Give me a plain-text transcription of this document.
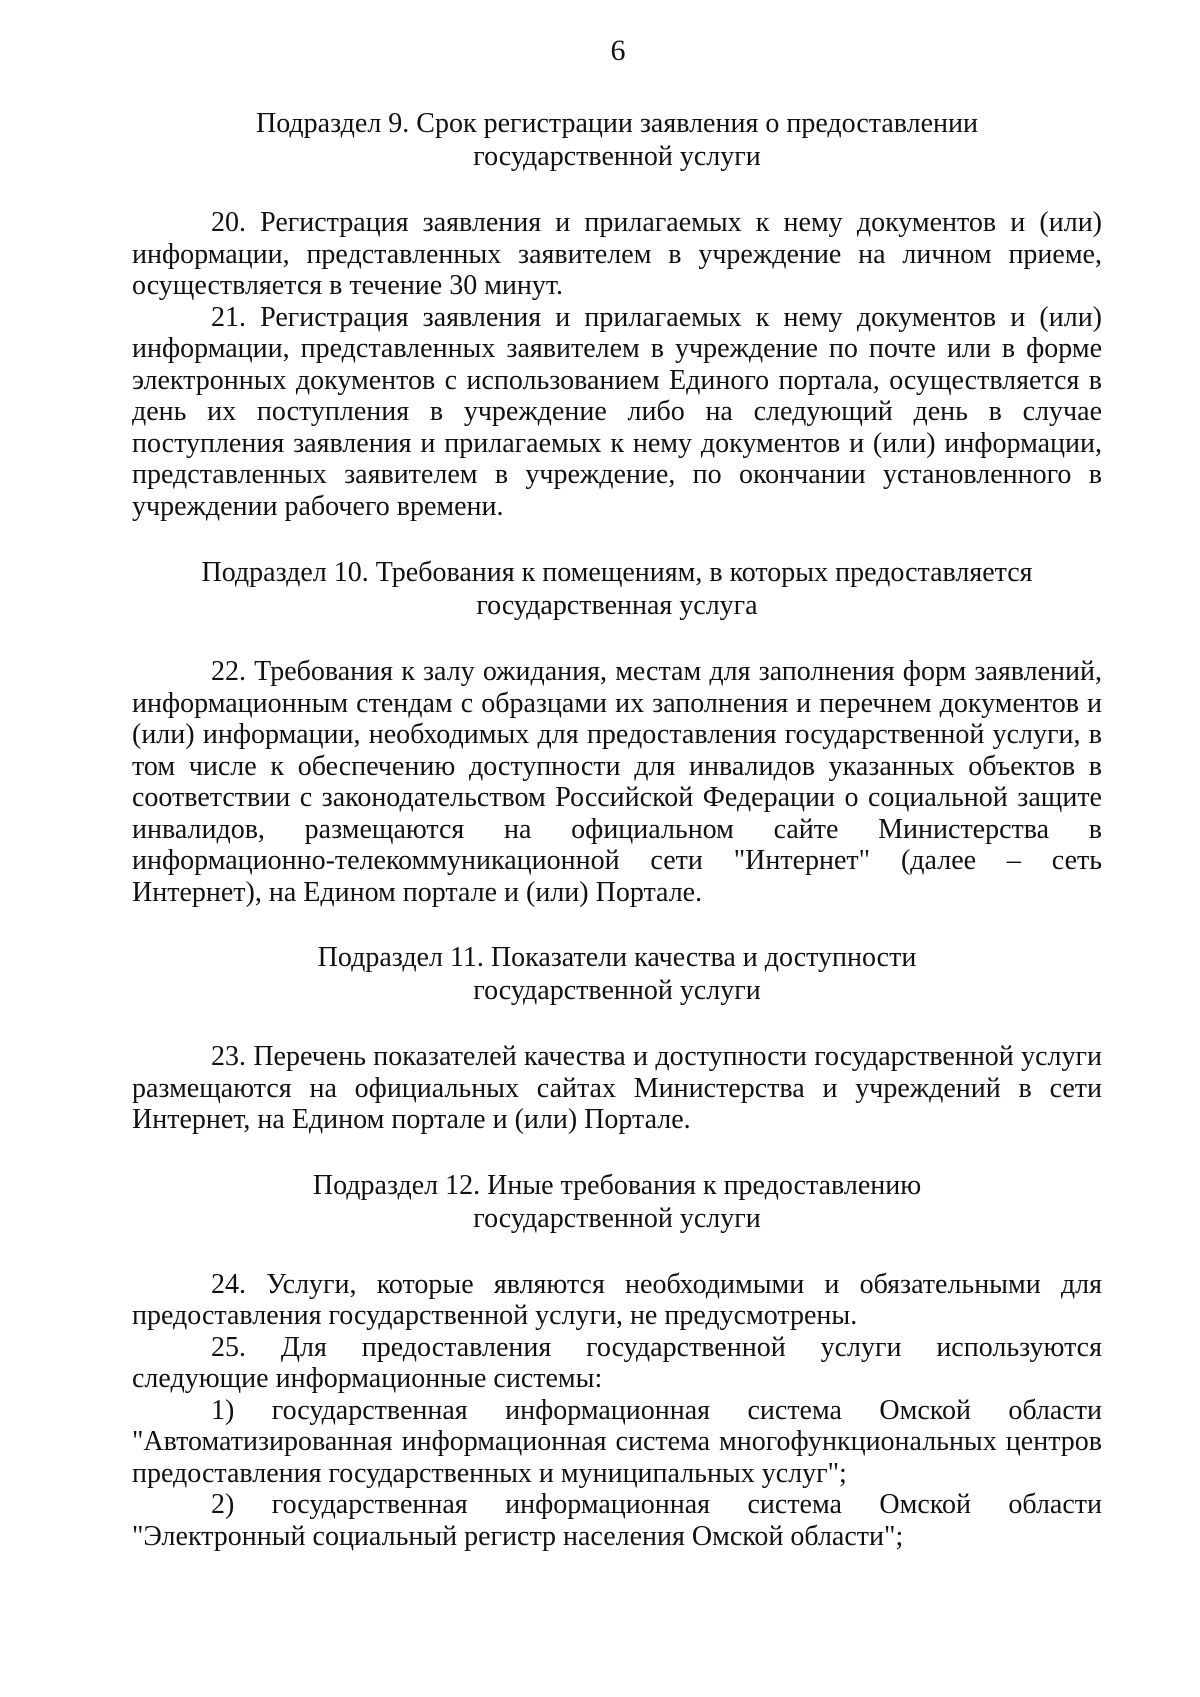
6
Подраздел 9. Срок регистрации заявления о предоставлении
государственной услуги

20. Регистрация заявления и прилагаемых к нему документов и (или) информации, представленных заявителем в учреждение на личном приеме, осуществляется в течение 30 минут.

21. Регистрация заявления и прилагаемых к нему документов и (или) информации, представленных заявителем в учреждение по почте или в форме электронных документов с использованием Единого портала, осуществляется в день их поступления в учреждение либо на следующий день в случае поступления заявления и прилагаемых к нему документов и (или) информации, представленных заявителем в учреждение, по окончании установленного в учреждении рабочего времени.

Подраздел 10. Требования к помещениям, в которых предоставляется
государственная услуга

22. Требования к залу ожидания, местам для заполнения форм заявлений, информационным стендам с образцами их заполнения и перечнем документов и (или) информации, необходимых для предоставления государственной услуги, в том числе к обеспечению доступности для инвалидов указанных объектов в соответствии с законодательством Российской Федерации о социальной защите инвалидов, размещаются на официальном сайте Министерства в информационно-телекоммуникационной сети "Интернет" (далее – сеть Интернет), на Едином портале и (или) Портале.

Подраздел 11. Показатели качества и доступности
государственной услуги

23. Перечень показателей качества и доступности государственной услуги размещаются на официальных сайтах Министерства и учреждений в сети Интернет, на Едином портале и (или) Портале.

Подраздел 12. Иные требования к предоставлению
государственной услуги

24. Услуги, которые являются необходимыми и обязательными для предоставления государственной услуги, не предусмотрены.

25. Для предоставления государственной услуги используются следующие информационные системы:

1) государственная информационная система Омской области "Автоматизированная информационная система многофункциональных центров предоставления государственных и муниципальных услуг";

2) государственная информационная система Омской области "Электронный социальный регистр населения Омской области";
